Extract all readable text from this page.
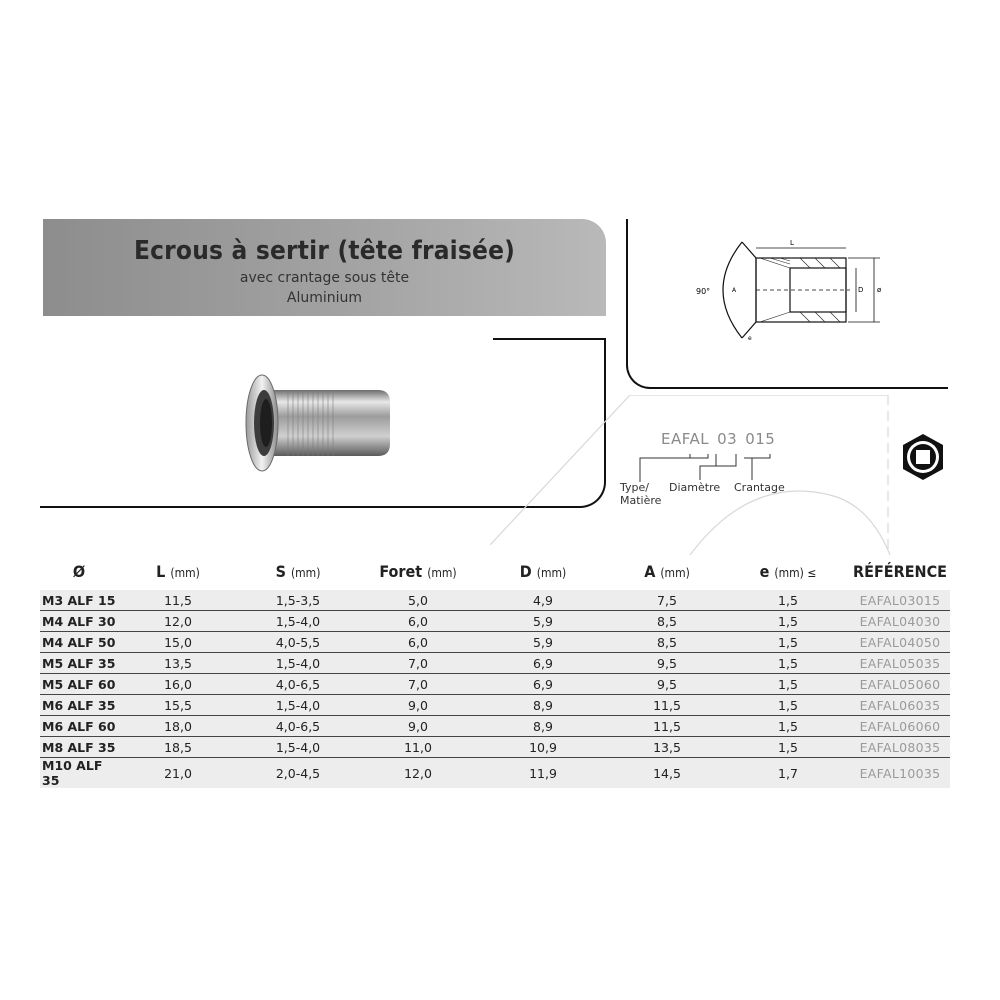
Ecrous à sertir (tête fraisée)
avec crantage sous tête
Aluminium
L
90°	A	D ø
e
EAFAL 03 015
Type/
Matière
Diamètre Crantage
Ø	L (mm)	S (mm)	Foret (mm)	D (mm)	A (mm)	e (mm) ≤	RÉFÉRENCE
M3 ALF 15	11,5	1,5-3,5	5,0	4,9	7,5	1,5	EAFAL03015
M4 ALF 30	12,0	1,5-4,0	6,0	5,9	8,5	1,5	EAFAL04030
M4 ALF 50	15,0	4,0-5,5	6,0	5,9	8,5	1,5	EAFAL04050
M5 ALF 35	13,5	1,5-4,0	7,0	6,9	9,5	1,5	EAFAL05035
M5 ALF 60	16,0	4,0-6,5	7,0	6,9	9,5	1,5	EAFAL05060
M6 ALF 35	15,5	1,5-4,0	9,0	8,9	11,5	1,5	EAFAL06035
M6 ALF 60	18,0	4,0-6,5	9,0	8,9	11,5	1,5	EAFAL06060
M8 ALF 35	18,5	1,5-4,0	11,0	10,9	13,5	1,5	EAFAL08035
M10 ALF 35	21,0	2,0-4,5	12,0	11,9	14,5	1,7	EAFAL10035
